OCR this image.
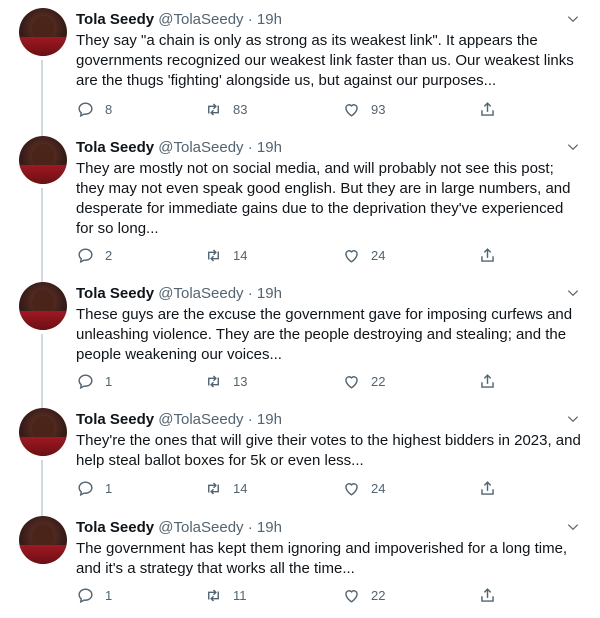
Tola Seedy @TolaSeedy · 19h
They say "a chain is only as strong as its weakest link". It appears the governments recognized our weakest link faster than us. Our weakest links are the thugs 'fighting' alongside us, but against our purposes...
8	83	93
Tola Seedy @TolaSeedy · 19h
They are mostly not on social media, and will probably not see this post; they may not even speak good english. But they are in large numbers, and desperate for immediate gains due to the deprivation they've experienced for so long...
2	14	24
Tola Seedy @TolaSeedy · 19h
These guys are the excuse the government gave for imposing curfews and unleashing violence. They are the people destroying and stealing; and the people weakening our voices...
1	13	22
Tola Seedy @TolaSeedy · 19h
They're the ones that will give their votes to the highest bidders in 2023, and help steal ballot boxes for 5k or even less...
1	14	24
Tola Seedy @TolaSeedy · 19h
The government has kept them ignoring and impoverished for a long time, and it's a strategy that works all the time...
1	11	22
